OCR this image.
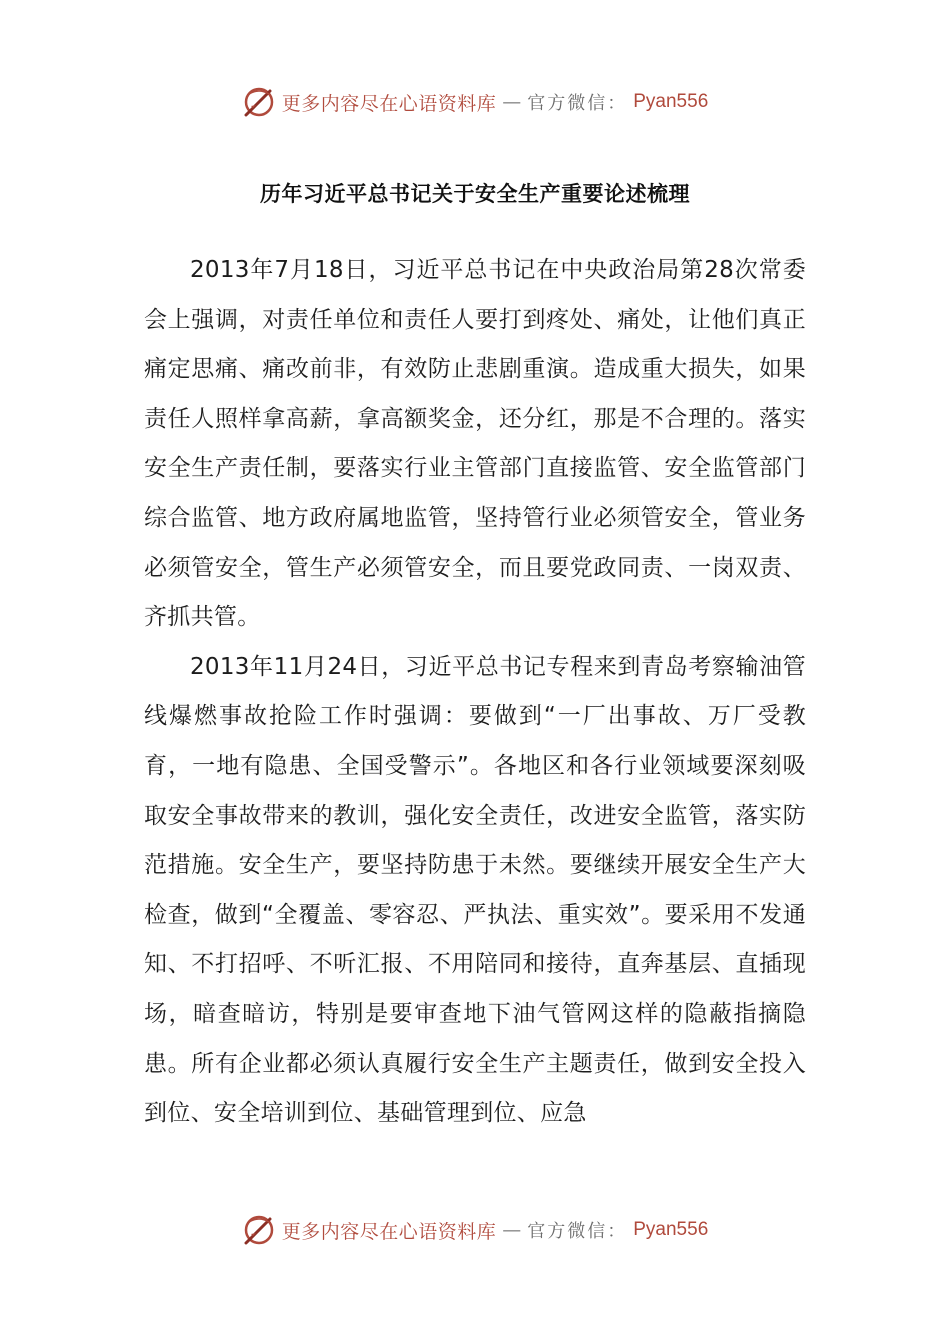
更多内容尽在心语资料库 — 官方微信： Pyan556
历年习近平总书记关于安全生产重要论述梳理

2013年7月18日，习近平总书记在中央政治局第28次常委会上强调，对责任单位和责任人要打到疼处、痛处，让他们真正痛定思痛、痛改前非，有效防止悲剧重演。造成重大损失，如果责任人照样拿高薪，拿高额奖金，还分红，那是不合理的。落实安全生产责任制，要落实行业主管部门直接监管、安全监管部门综合监管、地方政府属地监管，坚持管行业必须管安全，管业务必须管安全，管生产必须管安全，而且要党政同责、一岗双责、齐抓共管。

2013年11月24日，习近平总书记专程来到青岛考察输油管线爆燃事故抢险工作时强调：要做到“一厂出事故、万厂受教育，一地有隐患、全国受警示”。各地区和各行业领域要深刻吸取安全事故带来的教训，强化安全责任，改进安全监管，落实防范措施。安全生产，要坚持防患于未然。要继续开展安全生产大检查，做到“全覆盖、零容忍、严执法、重实效”。要采用不发通知、不打招呼、不听汇报、不用陪同和接待，直奔基层、直插现场，暗查暗访，特别是要审查地下油气管网这样的隐蔽指摘隐患。所有企业都必须认真履行安全生产主题责任，做到安全投入到位、安全培训到位、基础管理到位、应急

更多内容尽在心语资料库 — 官方微信： Pyan556
